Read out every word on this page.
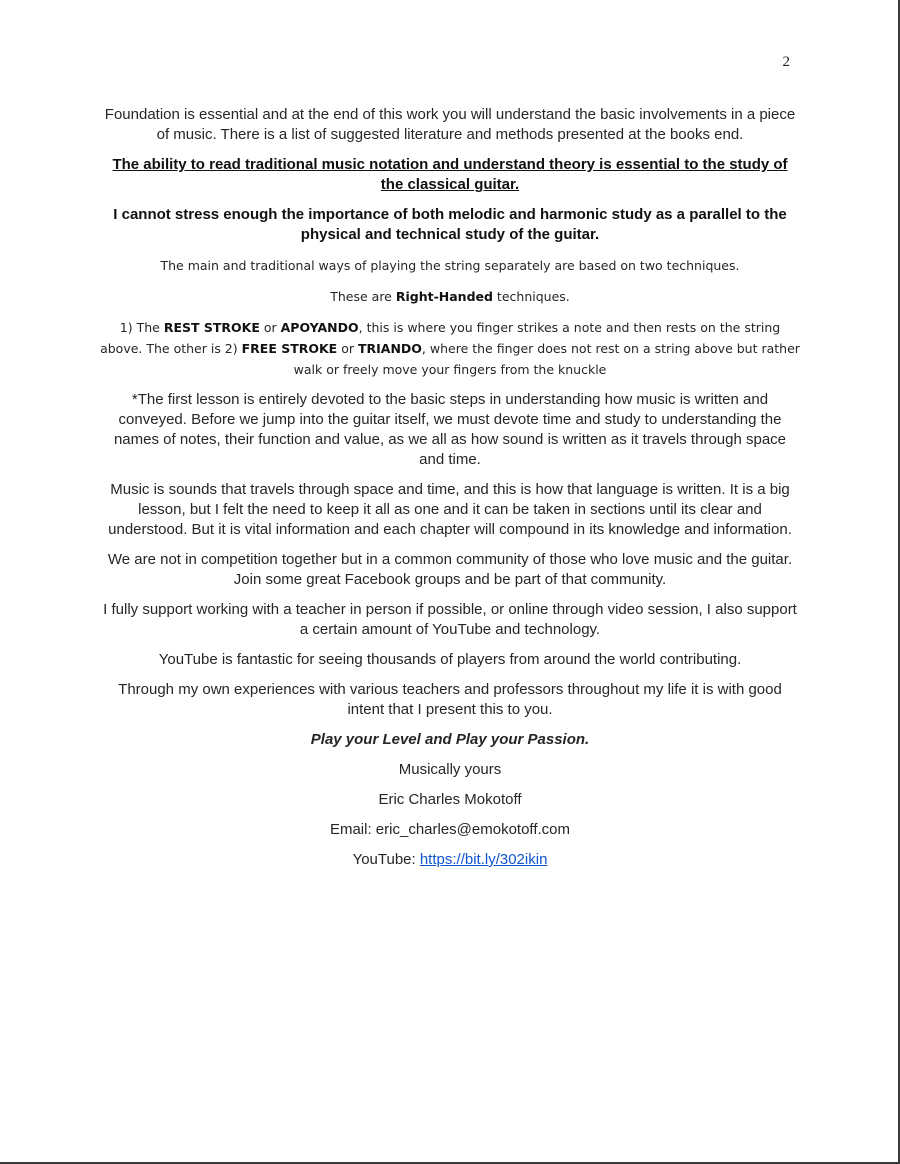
2

Foundation is essential and at the end of this work you will understand the basic involvements in a piece of music. There is a list of suggested literature and methods presented at the books end.

The ability to read traditional music notation and understand theory is essential to the study of the classical guitar.

I cannot stress enough the importance of both melodic and harmonic study as a parallel to the physical and technical study of the guitar.

The main and traditional ways of playing the string separately are based on two techniques.

These are Right-Handed techniques.

1) The REST STROKE or APOYANDO, this is where you finger strikes a note and then rests on the string above. The other is 2) FREE STROKE or TRIANDO, where the finger does not rest on a string above but rather walk or freely move your fingers from the knuckle

*The first lesson is entirely devoted to the basic steps in understanding how music is written and conveyed. Before we jump into the guitar itself, we must devote time and study to understanding the names of notes, their function and value, as we all as how sound is written as it travels through space and time.

Music is sounds that travels through space and time, and this is how that language is written. It is a big lesson, but I felt the need to keep it all as one and it can be taken in sections until its clear and understood. But it is vital information and each chapter will compound in its knowledge and information.

We are not in competition together but in a common community of those who love music and the guitar. Join some great Facebook groups and be part of that community.

I fully support working with a teacher in person if possible, or online through video session, I also support a certain amount of YouTube and technology.

YouTube is fantastic for seeing thousands of players from around the world contributing.

Through my own experiences with various teachers and professors throughout my life it is with good intent that I present this to you.

Play your Level and Play your Passion.

Musically yours

Eric Charles Mokotoff

Email: eric_charles@emokotoff.com

YouTube: https://bit.ly/302ikin
